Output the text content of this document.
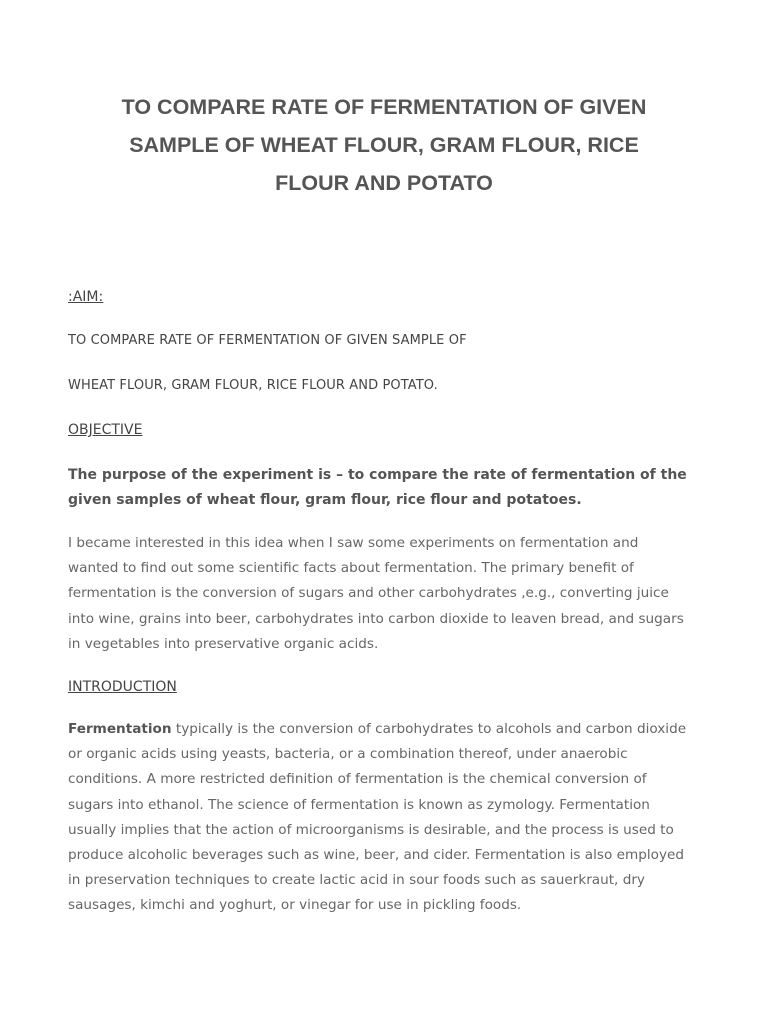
TO COMPARE RATE OF FERMENTATION OF GIVEN
SAMPLE OF WHEAT FLOUR, GRAM FLOUR, RICE
FLOUR AND POTATO
:AIM:

TO COMPARE RATE OF FERMENTATION OF GIVEN SAMPLE OF

WHEAT FLOUR, GRAM FLOUR, RICE FLOUR AND POTATO.

OBJECTIVE

The purpose of the experiment is – to compare the rate of fermentation of the
given samples of wheat flour, gram flour, rice flour and potatoes.

I became interested in this idea when I saw some experiments on fermentation and
wanted to find out some scientific facts about fermentation. The primary benefit of
fermentation is the conversion of sugars and other carbohydrates ,e.g., converting juice
into wine, grains into beer, carbohydrates into carbon dioxide to leaven bread, and sugars
in vegetables into preservative organic acids.

INTRODUCTION

Fermentation typically is the conversion of carbohydrates to alcohols and carbon dioxide
or organic acids using yeasts, bacteria, or a combination thereof, under anaerobic
conditions. A more restricted definition of fermentation is the chemical conversion of
sugars into ethanol. The science of fermentation is known as zymology. Fermentation
usually implies that the action of microorganisms is desirable, and the process is used to
produce alcoholic beverages such as wine, beer, and cider. Fermentation is also employed
in preservation techniques to create lactic acid in sour foods such as sauerkraut, dry
sausages, kimchi and yoghurt, or vinegar for use in pickling foods.
